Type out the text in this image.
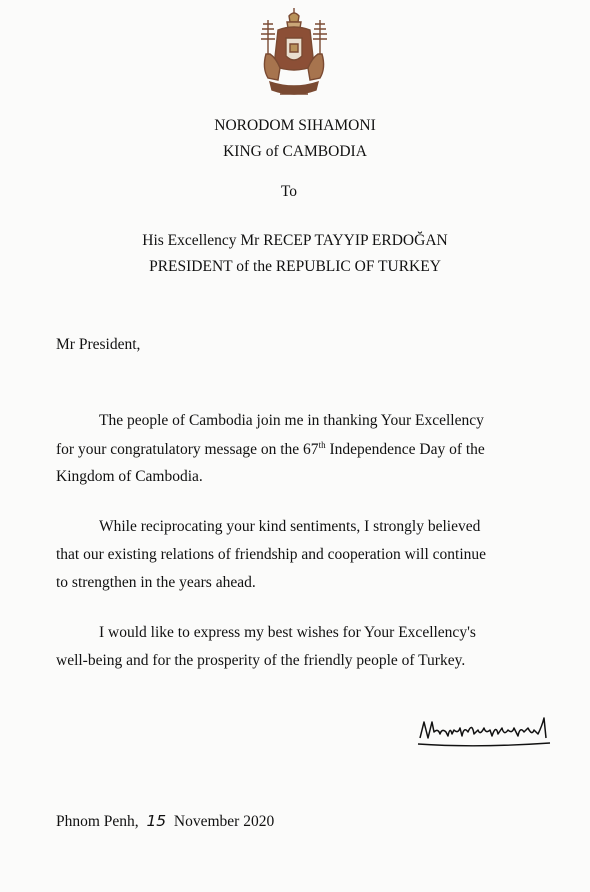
NORODOM SIHAMONI
KING of CAMBODIA
To
His Excellency Mr RECEP TAYYIP ERDOĞAN
PRESIDENT of the REPUBLIC OF TURKEY
Mr President,
The people of Cambodia join me in thanking Your Excellency
for your congratulatory message on the 67th Independence Day of the
Kingdom of Cambodia.
While reciprocating your kind sentiments, I strongly believed
that our existing relations of friendship and cooperation will continue
to strengthen in the years ahead.
I would like to express my best wishes for Your Excellency's
well-being and for the prosperity of the friendly people of Turkey.
Phnom Penh, 15 November 2020
